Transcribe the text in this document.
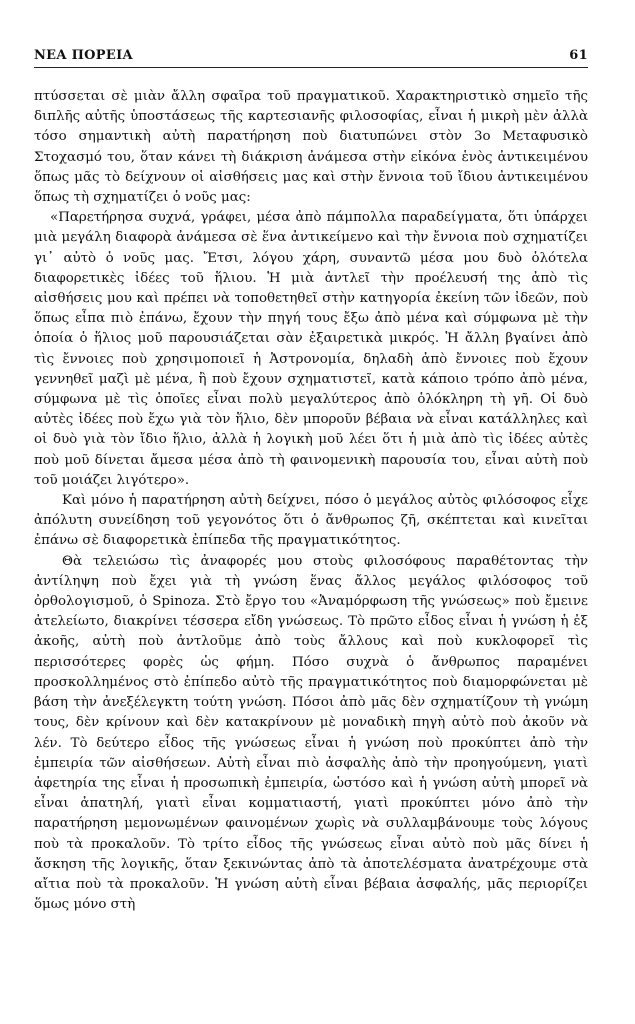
ΝΕΑ ΠΟΡΕΙΑ	61

πτύσσεται σὲ μιὰν ἄλλη σφαῖρα τοῦ πραγματικοῦ. Χαρακτηριστικὸ σημεῖο τῆς διπλῆς αὐτῆς ὑποστάσεως τῆς καρτεσιανῆς φιλοσοφίας, εἶναι ἡ μικρὴ μὲν ἀλλὰ τόσο σημαντικὴ αὐτὴ παρατήρηση ποὺ διατυπώνει στὸν 3ο Μεταφυσικὸ Στοχασμό του, ὅταν κάνει τὴ διάκριση ἀνάμεσα στὴν εἰκόνα ἑνὸς ἀντικειμένου ὅπως μᾶς τὸ δείχνουν οἱ αἰσθήσεις μας καὶ στὴν ἔννοια τοῦ ἴδιου ἀντικειμένου ὅπως τὴ σχηματίζει ὁ νοῦς μας:

«Παρετήρησα συχνά, γράφει, μέσα ἀπὸ πάμπολλα παραδείγματα, ὅτι ὑπάρχει μιὰ μεγάλη διαφορὰ ἀνάμεσα σὲ ἕνα ἀντικείμενο καὶ τὴν ἔννοια ποὺ σχηματίζει γι᾽ αὐτὸ ὁ νοῦς μας. Ἔτσι, λόγου χάρη, συναντῶ μέσα μου δυὸ ὁλότελα διαφορετικὲς ἰδέες τοῦ ἥλιου. Ἡ μιὰ ἀντλεῖ τὴν προέλευσή της ἀπὸ τὶς αἰσθήσεις μου καὶ πρέπει νὰ τοποθετηθεῖ στὴν κατηγορία ἐκείνη τῶν ἰδεῶν, ποὺ ὅπως εἶπα πιὸ ἐπάνω, ἔχουν τὴν πηγή τους ἔξω ἀπὸ μένα καὶ σύμφωνα μὲ τὴν ὁποία ὁ ἥλιος μοῦ παρουσιάζεται σὰν ἐξαιρετικὰ μικρός. Ἡ ἄλλη βγαίνει ἀπὸ τὶς ἔννοιες ποὺ χρησιμοποιεῖ ἡ Ἀστρονομία, δηλαδὴ ἀπὸ ἔννοιες ποὺ ἔχουν γεννηθεῖ μαζὶ μὲ μένα, ἢ ποὺ ἔχουν σχηματιστεῖ, κατὰ κάποιο τρόπο ἀπὸ μένα, σύμφωνα μὲ τὶς ὁποῖες εἶναι πολὺ μεγαλύτερος ἀπὸ ὁλόκληρη τὴ γῆ. Οἱ δυὸ αὐτὲς ἰδέες ποὺ ἔχω γιὰ τὸν ἥλιο, δὲν μποροῦν βέβαια νὰ εἶναι κατάλληλες καὶ οἱ δυὸ γιὰ τὸν ἴδιο ἥλιο, ἀλλὰ ἡ λογικὴ μοῦ λέει ὅτι ἡ μιὰ ἀπὸ τὶς ἰδέες αὐτὲς ποὺ μοῦ δίνεται ἄμεσα μέσα ἀπὸ τὴ φαινομενικὴ παρουσία του, εἶναι αὐτὴ ποὺ τοῦ μοιάζει λιγότερο».

Καὶ μόνο ἡ παρατήρηση αὐτὴ δείχνει, πόσο ὁ μεγάλος αὐτὸς φιλόσοφος εἶχε ἀπόλυτη συνείδηση τοῦ γεγονότος ὅτι ὁ ἄνθρωπος ζῆ, σκέπτεται καὶ κινεῖται ἐπάνω σὲ διαφορετικὰ ἐπίπεδα τῆς πραγματικότητος.

Θὰ τελειώσω τὶς ἀναφορές μου στοὺς φιλοσόφους παραθέτοντας τὴν ἀντίληψη ποὺ ἔχει γιὰ τὴ γνώση ἕνας ἄλλος μεγάλος φιλόσοφος τοῦ ὀρθολογισμοῦ, ὁ Spinoza. Στὸ ἔργο του «Ἀναμόρφωση τῆς γνώσεως» ποὺ ἔμεινε ἀτελείωτο, διακρίνει τέσσερα εἴδη γνώσεως. Τὸ πρῶτο εἶδος εἶναι ἡ γνώση ἡ ἐξ ἀκοῆς, αὐτὴ ποὺ ἀντλοῦμε ἀπὸ τοὺς ἄλλους καὶ ποὺ κυκλοφορεῖ τὶς περισσότερες φορὲς ὡς φήμη. Πόσο συχνὰ ὁ ἄνθρωπος παραμένει προσκολλημένος στὸ ἐπίπεδο αὐτὸ τῆς πραγματικότητος ποὺ διαμορφώνεται μὲ βάση τὴν ἀνεξέλεγκτη τούτη γνώση. Πόσοι ἀπὸ μᾶς δὲν σχηματίζουν τὴ γνώμη τους, δὲν κρίνουν καὶ δὲν κατακρίνουν μὲ μοναδικὴ πηγὴ αὐτὸ ποὺ ἀκοῦν νὰ λέν. Τὸ δεύτερο εἶδος τῆς γνώσεως εἶναι ἡ γνώση ποὺ προκύπτει ἀπὸ τὴν ἐμπειρία τῶν αἰσθήσεων. Αὐτὴ εἶναι πιὸ ἀσφαλὴς ἀπὸ τὴν προηγούμενη, γιατὶ ἀφετηρία της εἶναι ἡ προσωπικὴ ἐμπειρία, ὡστόσο καὶ ἡ γνώση αὐτὴ μπορεῖ νὰ εἶναι ἀπατηλή, γιατὶ εἶναι κομματιαστή, γιατὶ προκύπτει μόνο ἀπὸ τὴν παρατήρηση μεμονωμένων φαινομένων χωρὶς νὰ συλλαμβάνουμε τοὺς λόγους ποὺ τὰ προκαλοῦν. Τὸ τρίτο εἶδος τῆς γνώσεως εἶναι αὐτὸ ποὺ μᾶς δίνει ἡ ἄσκηση τῆς λογικῆς, ὅταν ξεκινώντας ἀπὸ τὰ ἀποτελέσματα ἀνατρέχουμε στὰ αἴτια ποὺ τὰ προκαλοῦν. Ἡ γνώση αὐτὴ εἶναι βέβαια ἀσφαλής, μᾶς περιορίζει ὅμως μόνο στὴ
